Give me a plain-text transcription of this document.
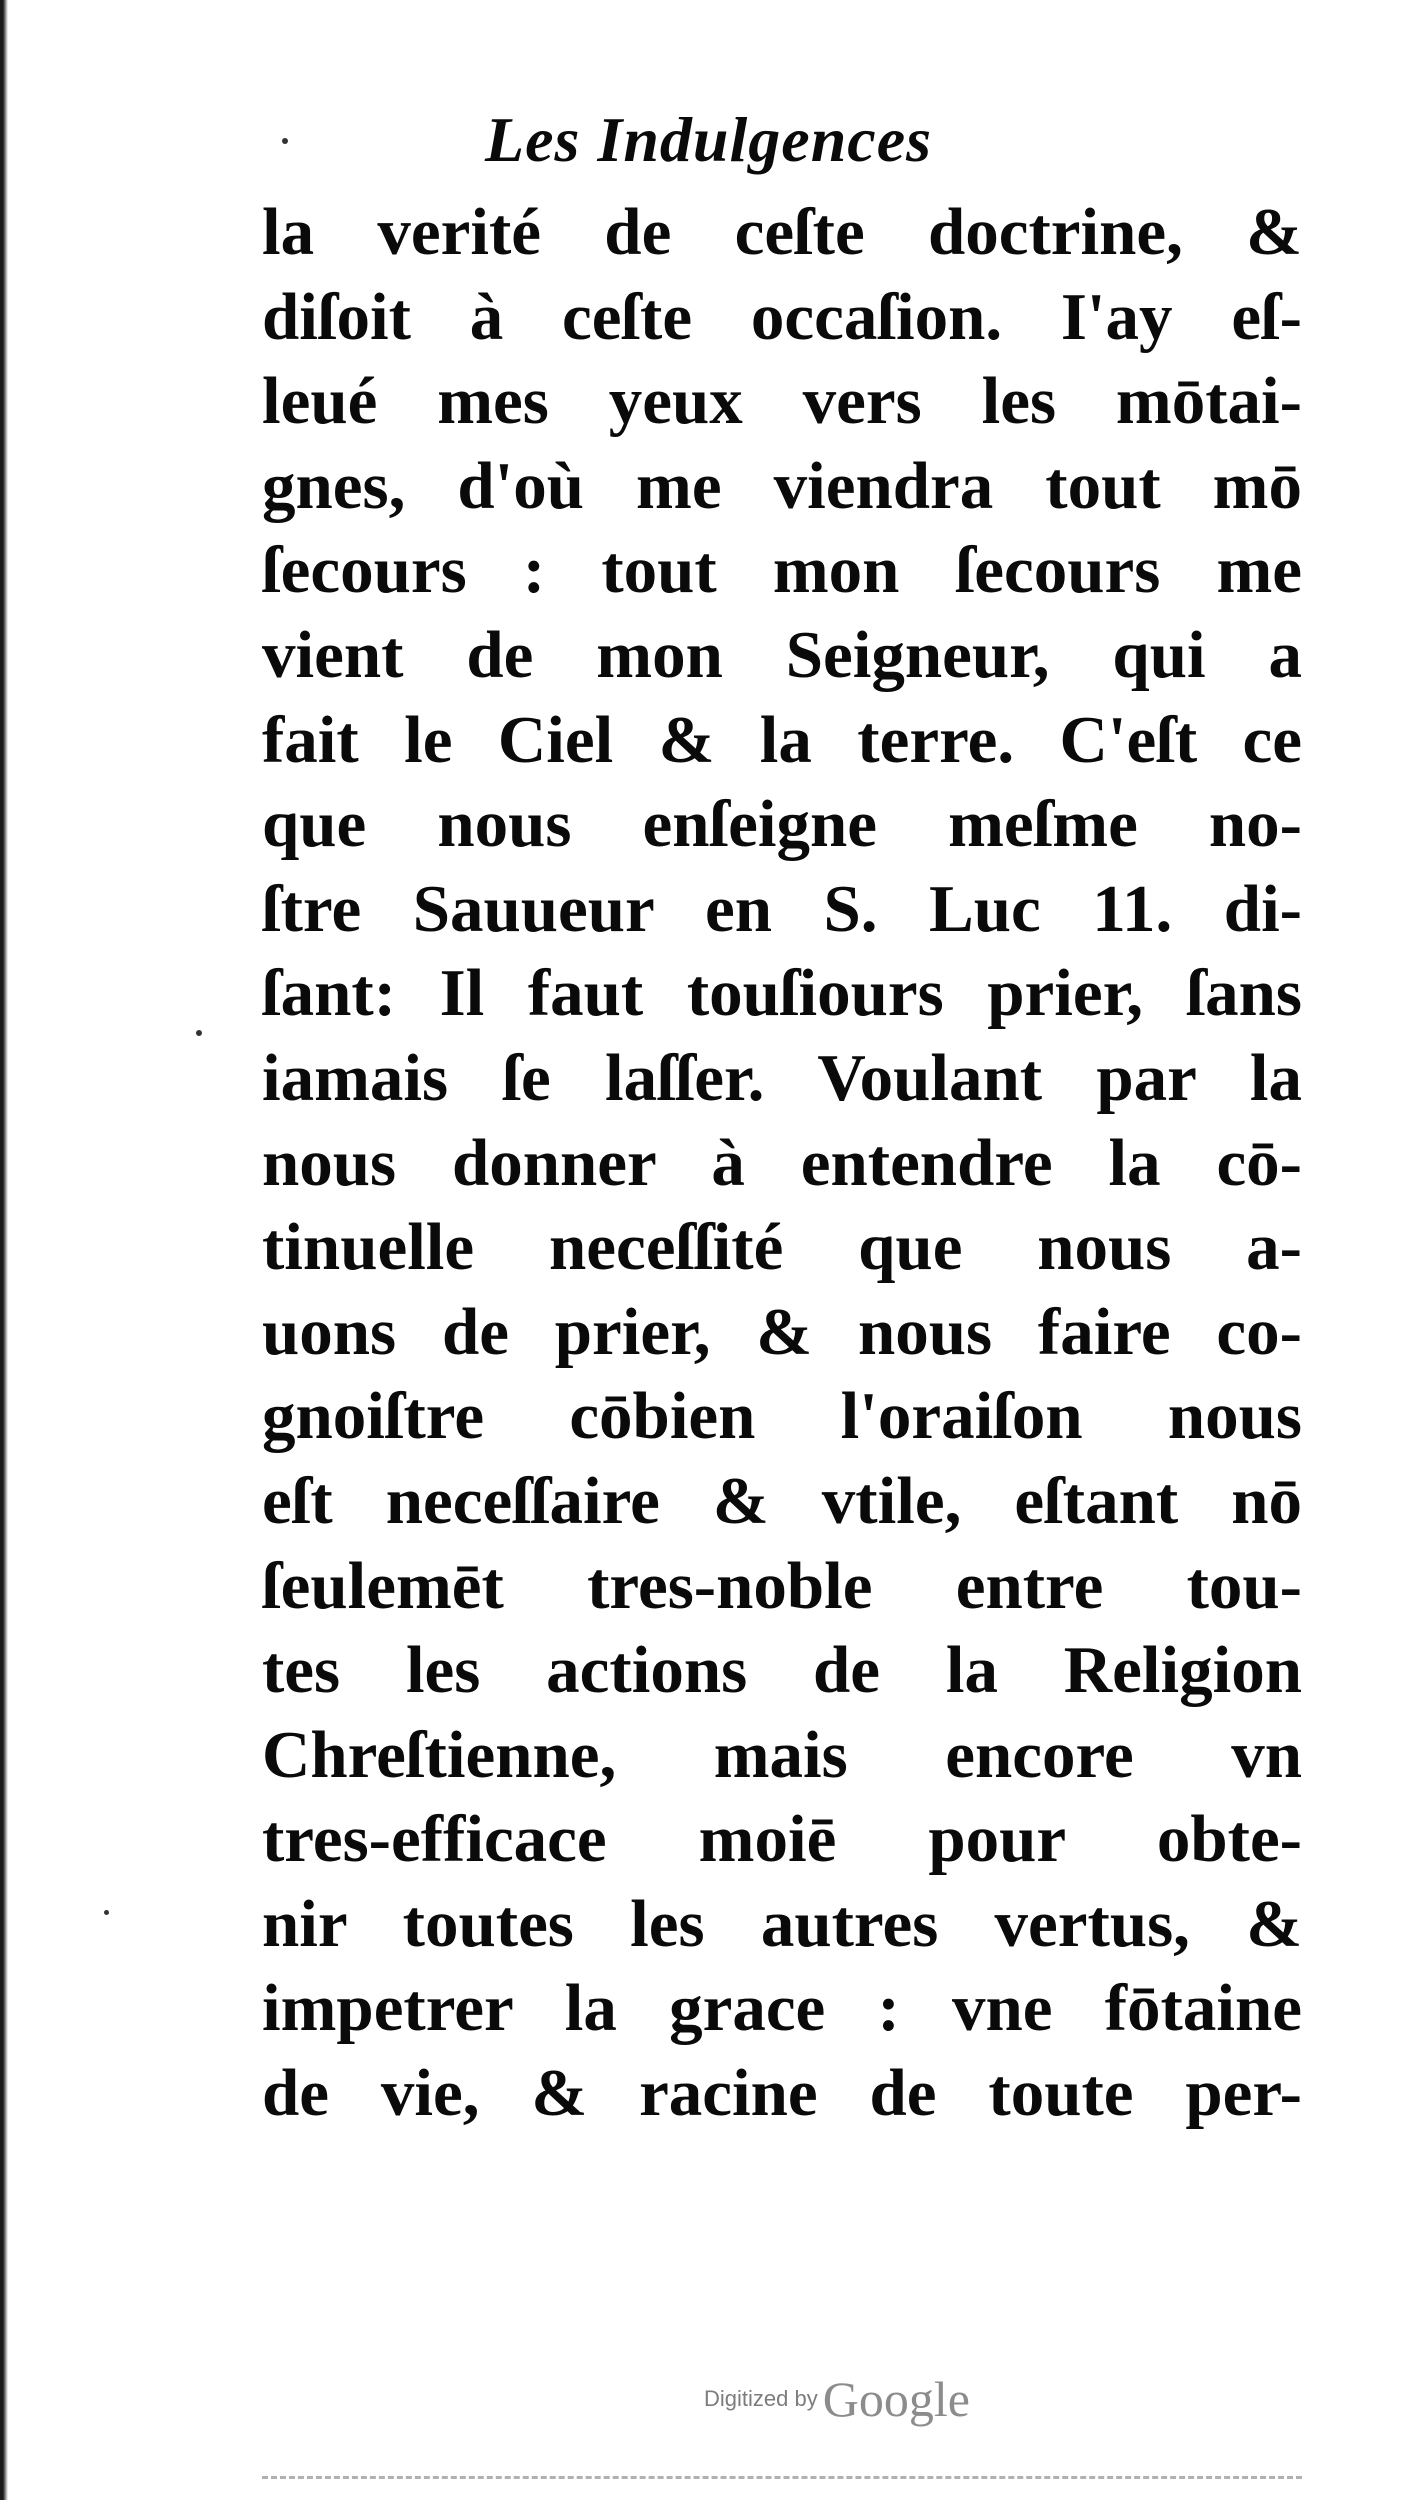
Les Indulgences
la verité de ceſte doctrine, &
diſoit à ceſte occaſion. I'ay eſ-
leué mes yeux vers les mōtai-
gnes, d'où me viendra tout mō
ſecours : tout mon ſecours me
vient de mon Seigneur, qui a
fait le Ciel & la terre. C'eſt ce
que nous enſeigne meſme no-
ſtre Sauueur en S. Luc 11. di-
ſant: Il faut touſiours prier, ſans
iamais ſe laſſer. Voulant par la
nous donner à entendre la cō-
tinuelle neceſſité que nous a-
uons de prier, & nous faire co-
gnoiſtre cōbien l'oraiſon nous
eſt neceſſaire & vtile, eſtant nō
ſeulemēt tres-noble entre tou-
tes les actions de la Religion
Chreſtienne, mais encore vn
tres-efficace moiē pour obte-
nir toutes les autres vertus, &
impetrer la grace : vne fōtaine
de vie, & racine de toute per-
Digitized by Google
